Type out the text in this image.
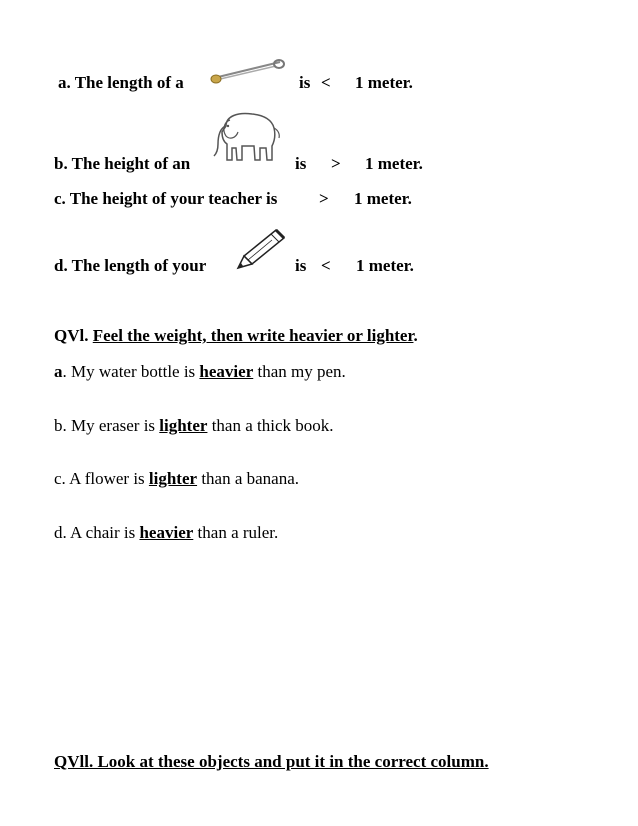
a. The length of a	is < 1 meter.
b. The height of an	is > 1 meter.
c. The height of your teacher is > 1 meter.
d. The length of your	is < 1 meter.
QVl. Feel the weight, then write heavier or lighter.
a. My water bottle is heavier than my pen.
b. My eraser is lighter than a thick book.
c. A flower is lighter than a banana.
d. A chair is heavier than a ruler.
QVll. Look at these objects and put it in the correct column.
